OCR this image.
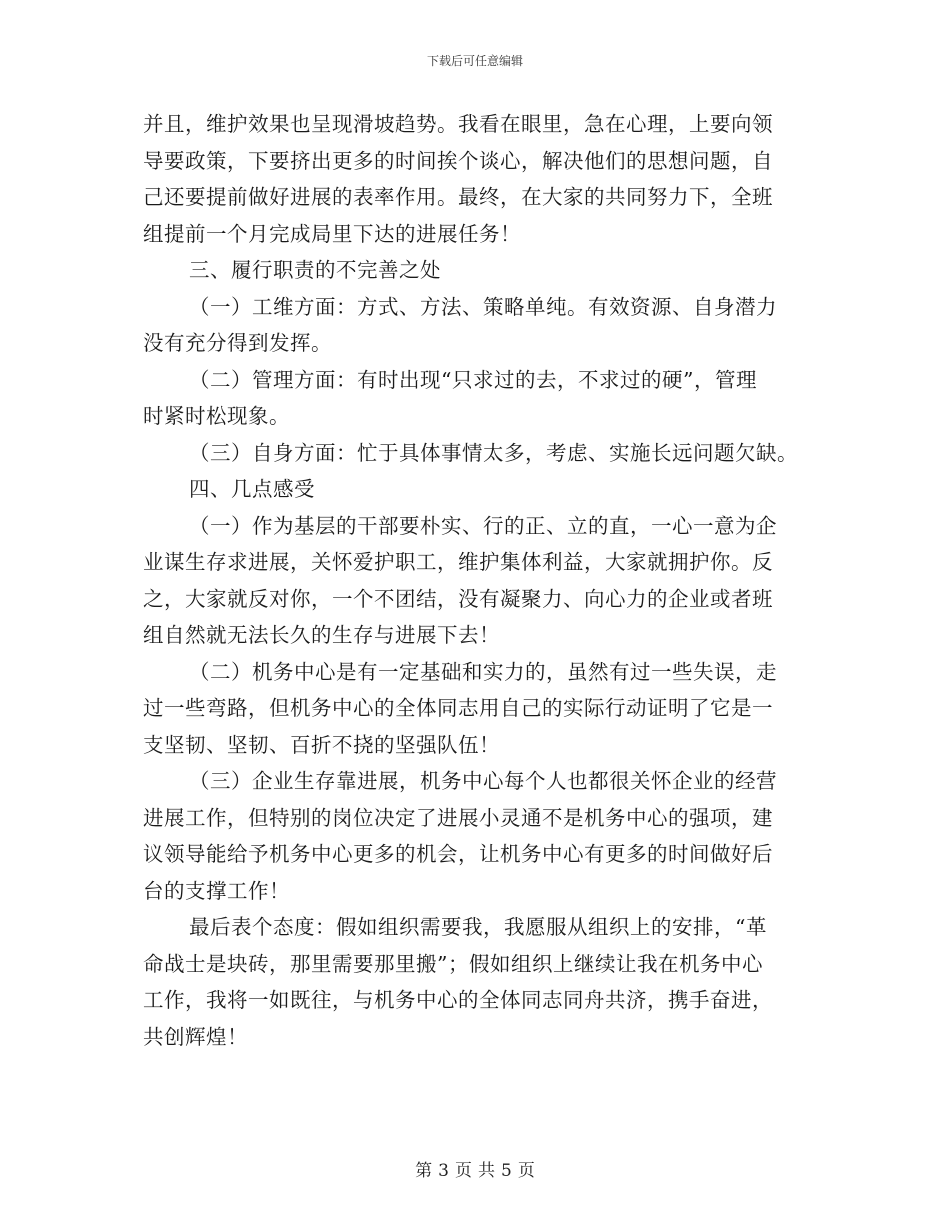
下载后可任意编辑
并且，维护效果也呈现滑坡趋势。我看在眼里，急在心理，上要向领
导要政策，下要挤出更多的时间挨个谈心，解决他们的思想问题，自
己还要提前做好进展的表率作用。最终，在大家的共同努力下，全班
组提前一个月完成局里下达的进展任务！
三、履行职责的不完善之处
（一）工维方面：方式、方法、策略单纯。有效资源、自身潜力
没有充分得到发挥。
（二）管理方面：有时出现“只求过的去，不求过的硬”，管理
时紧时松现象。
（三）自身方面：忙于具体事情太多，考虑、实施长远问题欠缺。
四、几点感受
（一）作为基层的干部要朴实、行的正、立的直，一心一意为企
业谋生存求进展，关怀爱护职工，维护集体利益，大家就拥护你。反
之，大家就反对你，一个不团结，没有凝聚力、向心力的企业或者班
组自然就无法长久的生存与进展下去！
（二）机务中心是有一定基础和实力的，虽然有过一些失误，走
过一些弯路，但机务中心的全体同志用自己的实际行动证明了它是一
支坚韧、坚韧、百折不挠的坚强队伍！
（三）企业生存靠进展，机务中心每个人也都很关怀企业的经营
进展工作，但特别的岗位决定了进展小灵通不是机务中心的强项，建
议领导能给予机务中心更多的机会，让机务中心有更多的时间做好后
台的支撑工作！
最后表个态度：假如组织需要我，我愿服从组织上的安排，“革
命战士是块砖，那里需要那里搬”；假如组织上继续让我在机务中心
工作，我将一如既往，与机务中心的全体同志同舟共济，携手奋进，
共创辉煌！
第 3 页 共 5 页
